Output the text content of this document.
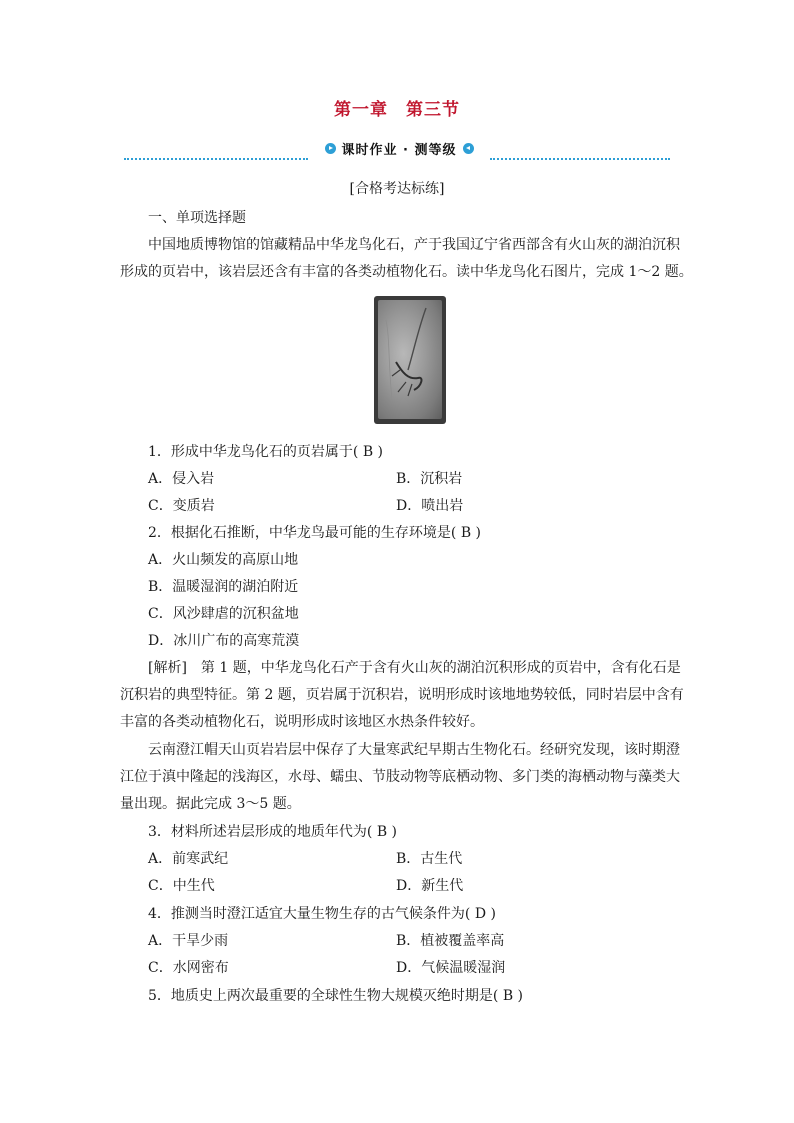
第一章　第三节
课时作业 · 测等级
[合格考达标练]
一、单项选择题
中国地质博物馆的馆藏精品中华龙鸟化石，产于我国辽宁省西部含有火山灰的湖泊沉积
形成的页岩中，该岩层还含有丰富的各类动植物化石。读中华龙鸟化石图片，完成 1～2 题。
1．形成中华龙鸟化石的页岩属于( B )
A．侵入岩	B．沉积岩
C．变质岩	D．喷出岩
2．根据化石推断，中华龙鸟最可能的生存环境是( B )
A．火山频发的高原山地
B．温暖湿润的湖泊附近
C．风沙肆虐的沉积盆地
D．冰川广布的高寒荒漠
[解析]　第 1 题，中华龙鸟化石产于含有火山灰的湖泊沉积形成的页岩中，含有化石是
沉积岩的典型特征。第 2 题，页岩属于沉积岩，说明形成时该地地势较低，同时岩层中含有
丰富的各类动植物化石，说明形成时该地区水热条件较好。
云南澄江帽天山页岩岩层中保存了大量寒武纪早期古生物化石。经研究发现，该时期澄
江位于滇中隆起的浅海区，水母、蠕虫、节肢动物等底栖动物、多门类的海栖动物与藻类大
量出现。据此完成 3～5 题。
3．材料所述岩层形成的地质年代为( B )
A．前寒武纪	B．古生代
C．中生代	D．新生代
4．推测当时澄江适宜大量生物生存的古气候条件为( D )
A．干旱少雨	B．植被覆盖率高
C．水网密布	D．气候温暖湿润
5．地质史上两次最重要的全球性生物大规模灭绝时期是( B )
